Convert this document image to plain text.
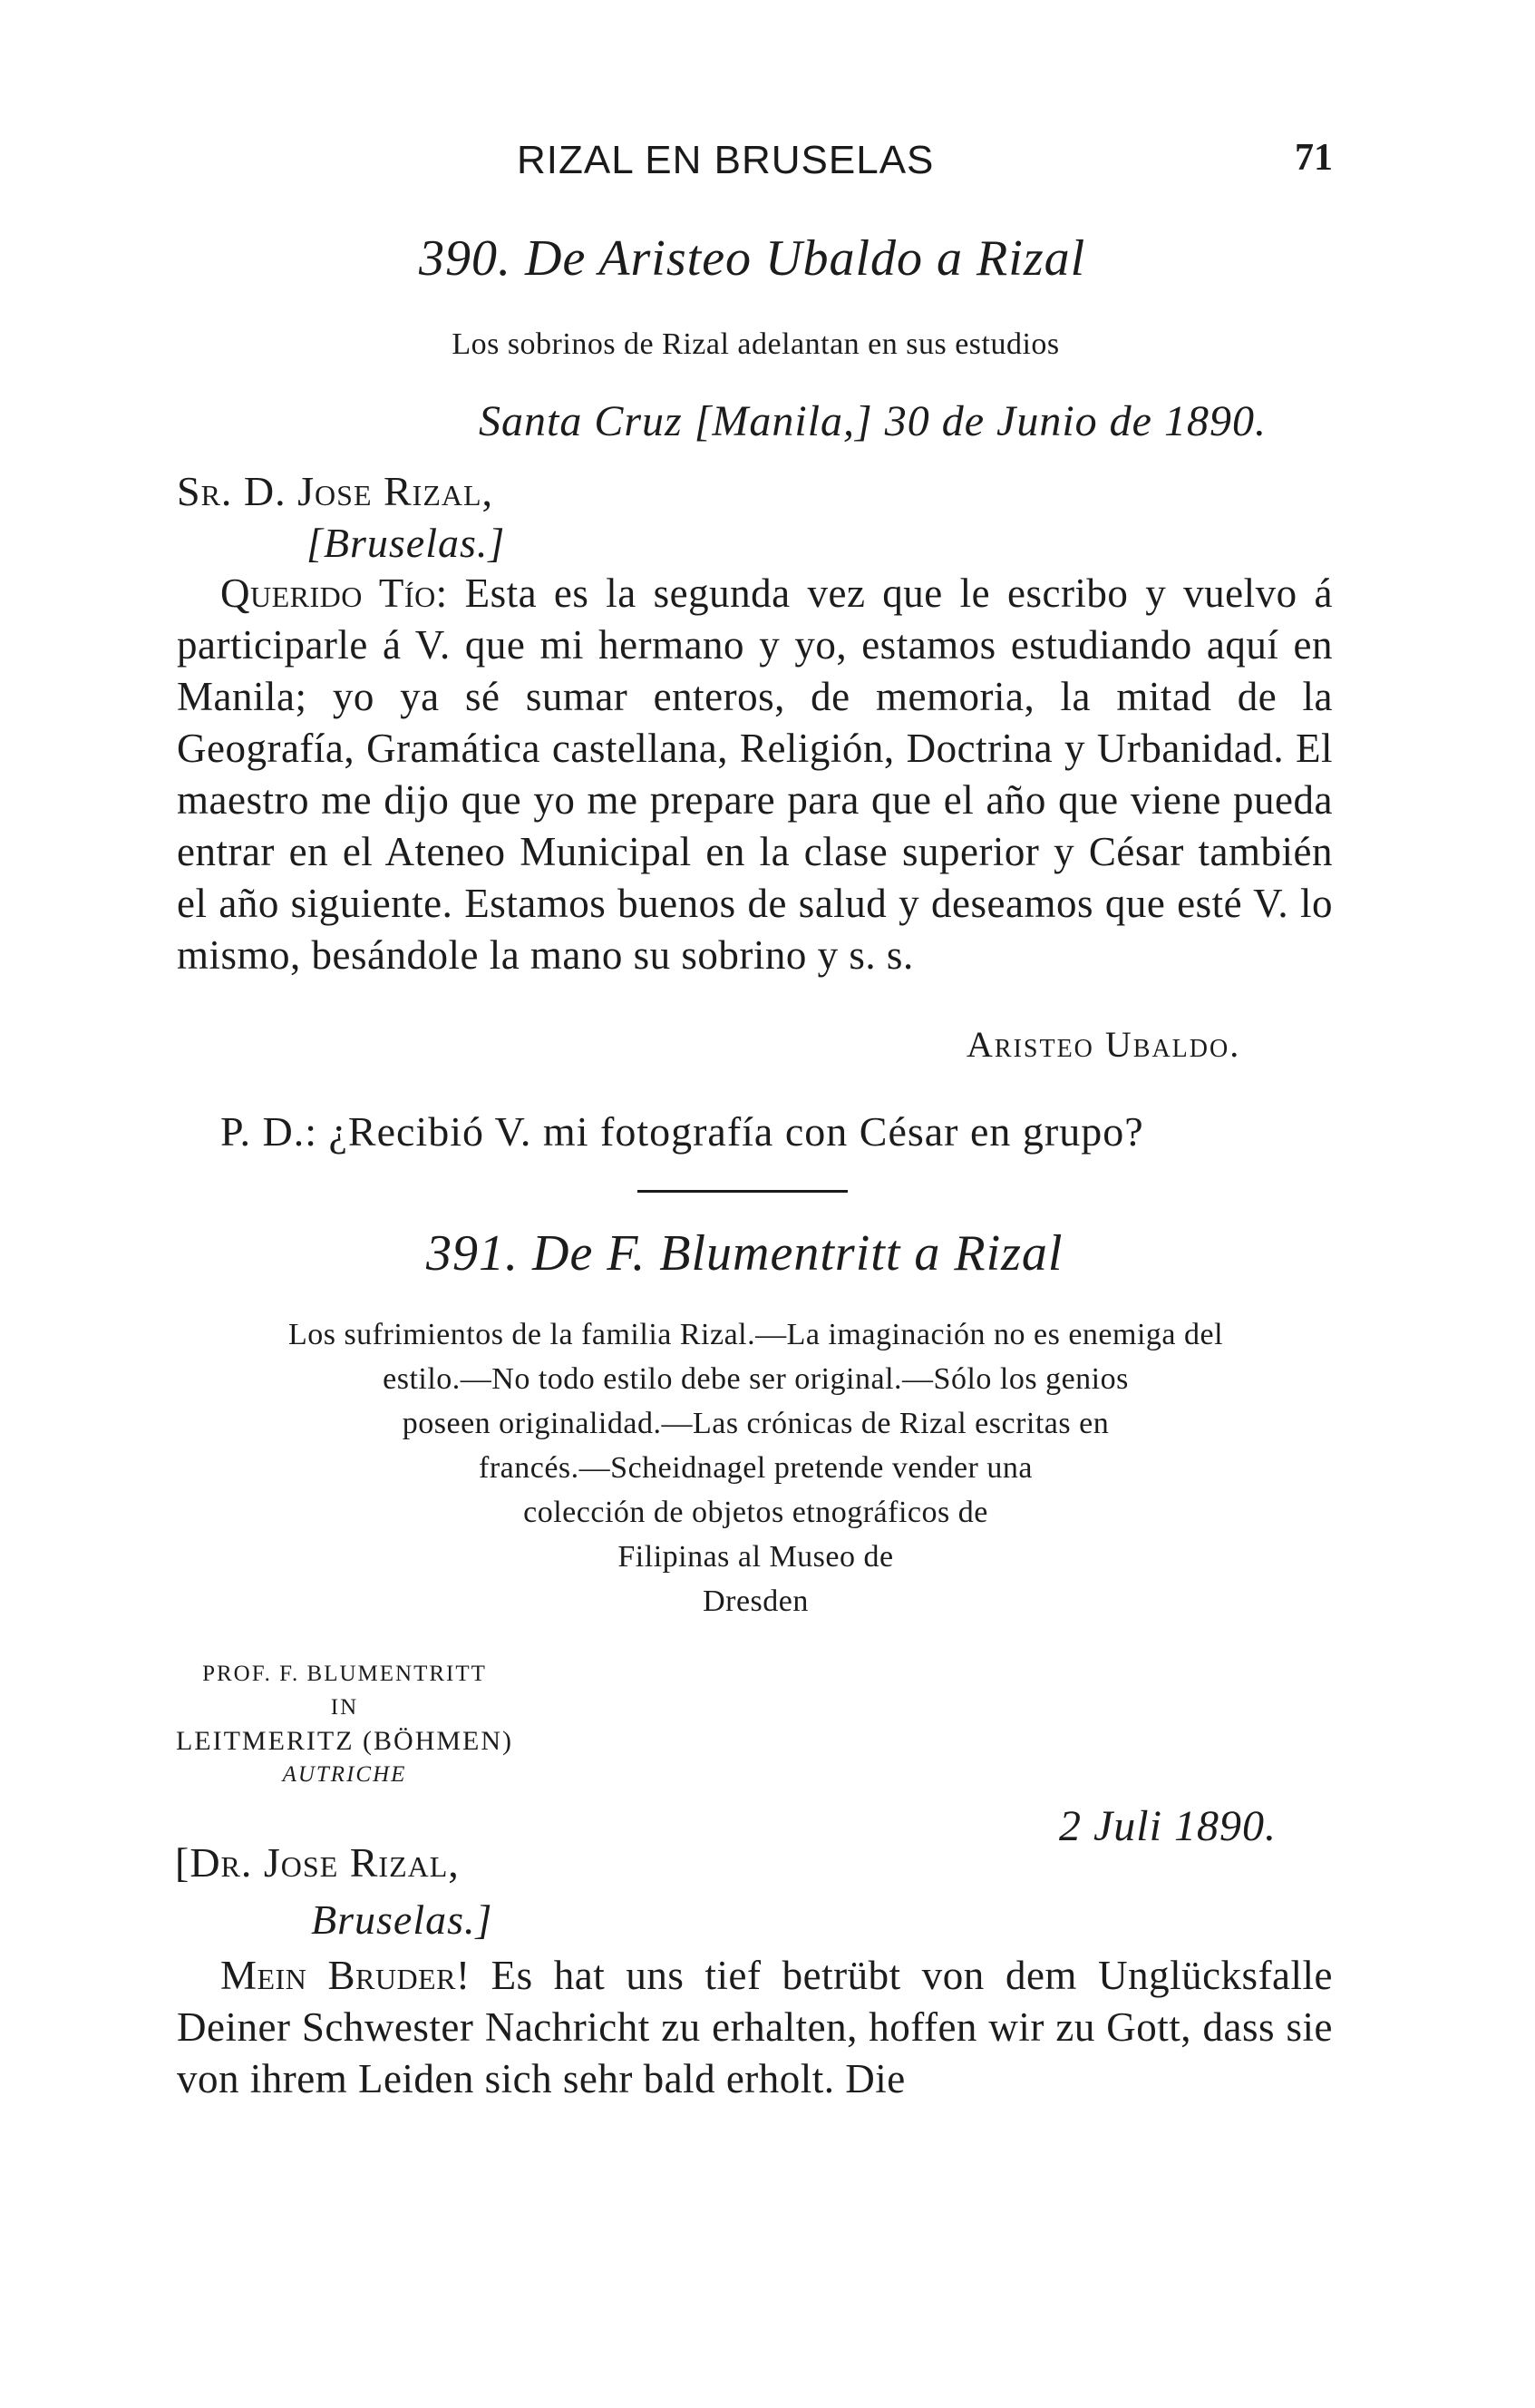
RIZAL EN BRUSELAS	71
390. De Aristeo Ubaldo a Rizal
Los sobrinos de Rizal adelantan en sus estudios
Santa Cruz [Manila,] 30 de Junio de 1890.
Sr. D. Jose Rizal,
[Bruselas.]
Querido Tío: Esta es la segunda vez que le escribo y vuelvo á participarle á V. que mi hermano y yo, estamos estudiando aquí en Manila; yo ya sé sumar enteros, de memoria, la mitad de la Geografía, Gramática castellana, Religión, Doctrina y Urbanidad. El maestro me dijo que yo me prepare para que el año que viene pueda entrar en el Ateneo Municipal en la clase superior y César también el año siguiente. Estamos buenos de salud y deseamos que esté V. lo mismo, besándole la mano su sobrino y s. s.
Aristeo Ubaldo.
P. D.: ¿Recibió V. mi fotografía con César en grupo?
391. De F. Blumentritt a Rizal
Los sufrimientos de la familia Rizal.—La imaginación no es enemiga del
estilo.—No todo estilo debe ser original.—Sólo los genios
poseen originalidad.—Las crónicas de Rizal escritas en
francés.—Scheidnagel pretende vender una
colección de objetos etnográficos de
Filipinas al Museo de
Dresden
PROF. F. BLUMENTRITT
IN
LEITMERITZ (BÖHMEN)
AUTRICHE
2 Juli 1890.
[Dr. Jose Rizal,
Bruselas.]
Mein Bruder! Es hat uns tief betrübt von dem Unglücksfalle Deiner Schwester Nachricht zu erhalten, hoffen wir zu Gott, dass sie von ihrem Leiden sich sehr bald erholt. Die
